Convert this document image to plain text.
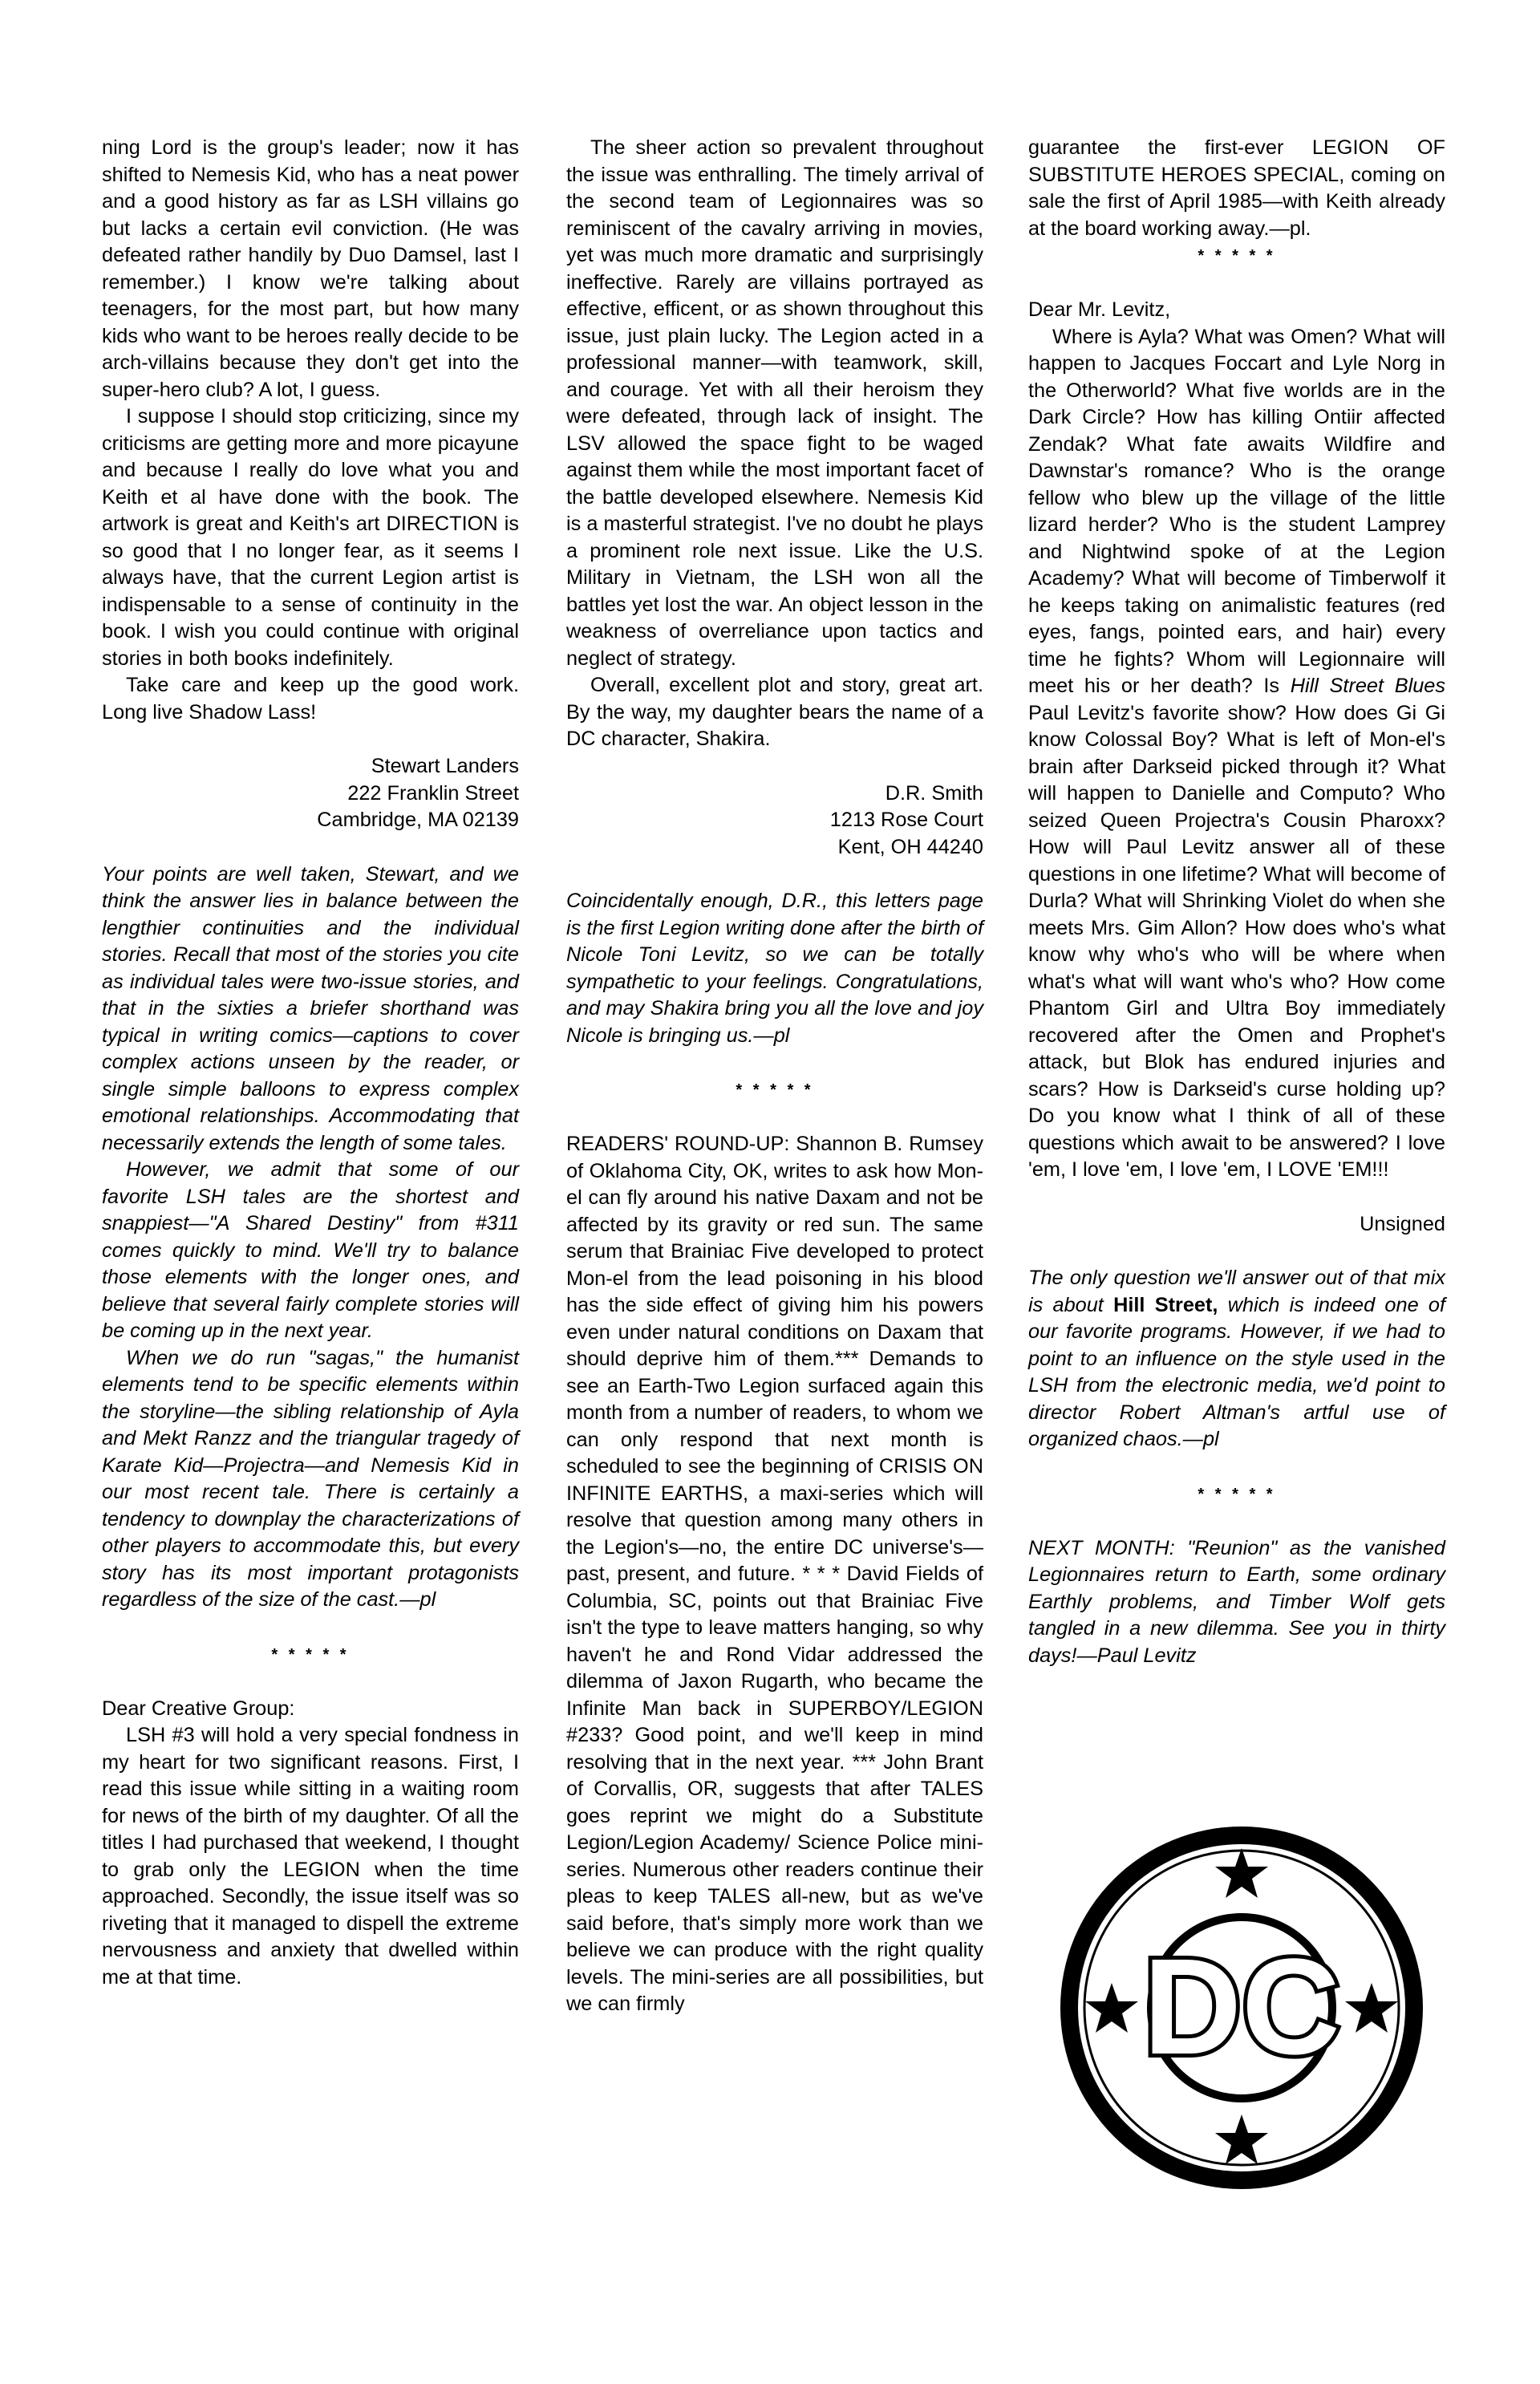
ning Lord is the group's leader; now it has shifted to Nemesis Kid, who has a neat power and a good history as far as LSH villains go but lacks a certain evil conviction. (He was defeated rather handily by Duo Damsel, last I remember.) I know we're talking about teenagers, for the most part, but how many kids who want to be heroes really decide to be arch-villains because they don't get into the super-hero club? A lot, I guess.

I suppose I should stop criticizing, since my criticisms are getting more and more picayune and because I really do love what you and Keith et al have done with the book. The artwork is great and Keith's art DIRECTION is so good that I no longer fear, as it seems I always have, that the current Legion artist is indispensable to a sense of continuity in the book. I wish you could continue with original stories in both books indefinitely.

Take care and keep up the good work. Long live Shadow Lass!

Stewart Landers

222 Franklin Street

Cambridge, MA 02139

Your points are well taken, Stewart, and we think the answer lies in balance between the lengthier continuities and the individual stories. Recall that most of the stories you cite as individual tales were two-issue stories, and that in the sixties a briefer shorthand was typical in writing comics—captions to cover complex actions unseen by the reader, or single simple balloons to express complex emotional relationships. Accommodating that necessarily extends the length of some tales.

However, we admit that some of our favorite LSH tales are the shortest and snappiest—"A Shared Destiny" from #311 comes quickly to mind. We'll try to balance those elements with the longer ones, and believe that several fairly complete stories will be coming up in the next year.

When we do run "sagas," the humanist elements tend to be specific elements within the storyline—the sibling relationship of Ayla and Mekt Ranzz and the triangular tragedy of Karate Kid—Projectra—and Nemesis Kid in our most recent tale. There is certainly a tendency to downplay the characterizations of other players to accommodate this, but every story has its most important protagonists regardless of the size of the cast.—pl

* * * * *

Dear Creative Group:

LSH #3 will hold a very special fondness in my heart for two significant reasons. First, I read this issue while sitting in a waiting room for news of the birth of my daughter. Of all the titles I had purchased that weekend, I thought to grab only the LEGION when the time approached. Secondly, the issue itself was so riveting that it managed to dispell the extreme nervousness and anxiety that dwelled within me at that time.

The sheer action so prevalent throughout the issue was enthralling. The timely arrival of the second team of Legionnaires was so reminiscent of the cavalry arriving in movies, yet was much more dramatic and surprisingly ineffective. Rarely are villains portrayed as effective, efficent, or as shown throughout this issue, just plain lucky. The Legion acted in a professional manner—with teamwork, skill, and courage. Yet with all their heroism they were defeated, through lack of insight. The LSV allowed the space fight to be waged against them while the most important facet of the battle developed elsewhere. Nemesis Kid is a masterful strategist. I've no doubt he plays a prominent role next issue. Like the U.S. Military in Vietnam, the LSH won all the battles yet lost the war. An object lesson in the weakness of overreliance upon tactics and neglect of strategy.

Overall, excellent plot and story, great art. By the way, my daughter bears the name of a DC character, Shakira.

D.R. Smith

1213 Rose Court

Kent, OH 44240

Coincidentally enough, D.R., this letters page is the first Legion writing done after the birth of Nicole Toni Levitz, so we can be totally sympathetic to your feelings. Congratulations, and may Shakira bring you all the love and joy Nicole is bringing us.—pl

* * * * *

READERS' ROUND-UP: Shannon B. Rumsey of Oklahoma City, OK, writes to ask how Mon-el can fly around his native Daxam and not be affected by its gravity or red sun. The same serum that Brainiac Five developed to protect Mon-el from the lead poisoning in his blood has the side effect of giving him his powers even under natural conditions on Daxam that should deprive him of them.*** Demands to see an Earth-Two Legion surfaced again this month from a number of readers, to whom we can only respond that next month is scheduled to see the beginning of CRISIS ON INFINITE EARTHS, a maxi-series which will resolve that question among many others in the Legion's—no, the entire DC universe's—past, present, and future. * * * David Fields of Columbia, SC, points out that Brainiac Five isn't the type to leave matters hanging, so why haven't he and Rond Vidar addressed the dilemma of Jaxon Rugarth, who became the Infinite Man back in SUPERBOY/LEGION #233? Good point, and we'll keep in mind resolving that in the next year. *** John Brant of Corvallis, OR, suggests that after TALES goes reprint we might do a Substitute Legion/Legion Academy/ Science Police mini-series. Numerous other readers continue their pleas to keep TALES all-new, but as we've said before, that's simply more work than we believe we can produce with the right quality levels. The mini-series are all possibilities, but we can firmly

guarantee the first-ever LEGION OF SUBSTITUTE HEROES SPECIAL, coming on sale the first of April 1985—with Keith already at the board working away.—pl.

* * * * *

Dear Mr. Levitz,

Where is Ayla? What was Omen? What will happen to Jacques Foccart and Lyle Norg in the Otherworld? What five worlds are in the Dark Circle? How has killing Ontiir affected Zendak? What fate awaits Wildfire and Dawnstar's romance? Who is the orange fellow who blew up the village of the little lizard herder? Who is the student Lamprey and Nightwind spoke of at the Legion Academy? What will become of Timberwolf it he keeps taking on animalistic features (red eyes, fangs, pointed ears, and hair) every time he fights? Whom will Legionnaire will meet his or her death? Is Hill Street Blues Paul Levitz's favorite show? How does Gi Gi know Colossal Boy? What is left of Mon-el's brain after Darkseid picked through it? What will happen to Danielle and Computo? Who seized Queen Projectra's Cousin Pharoxx? How will Paul Levitz answer all of these questions in one lifetime? What will become of Durla? What will Shrinking Violet do when she meets Mrs. Gim Allon? How does who's what know why who's who will be where when what's what will want who's who? How come Phantom Girl and Ultra Boy immediately recovered after the Omen and Prophet's attack, but Blok has endured injuries and scars? How is Darkseid's curse holding up? Do you know what I think of all of these questions which await to be answered? I love 'em, I love 'em, I love 'em, I LOVE 'EM!!!

Unsigned

The only question we'll answer out of that mix is about Hill Street, which is indeed one of our favorite programs. However, if we had to point to an influence on the style used in the LSH from the electronic media, we'd point to director Robert Altman's artful use of organized chaos.—pl

* * * * *

NEXT MONTH: "Reunion" as the vanished Legionnaires return to Earth, some ordinary Earthly problems, and Timber Wolf gets tangled in a new dilemma. See you in thirty days!—Paul Levitz

DC
